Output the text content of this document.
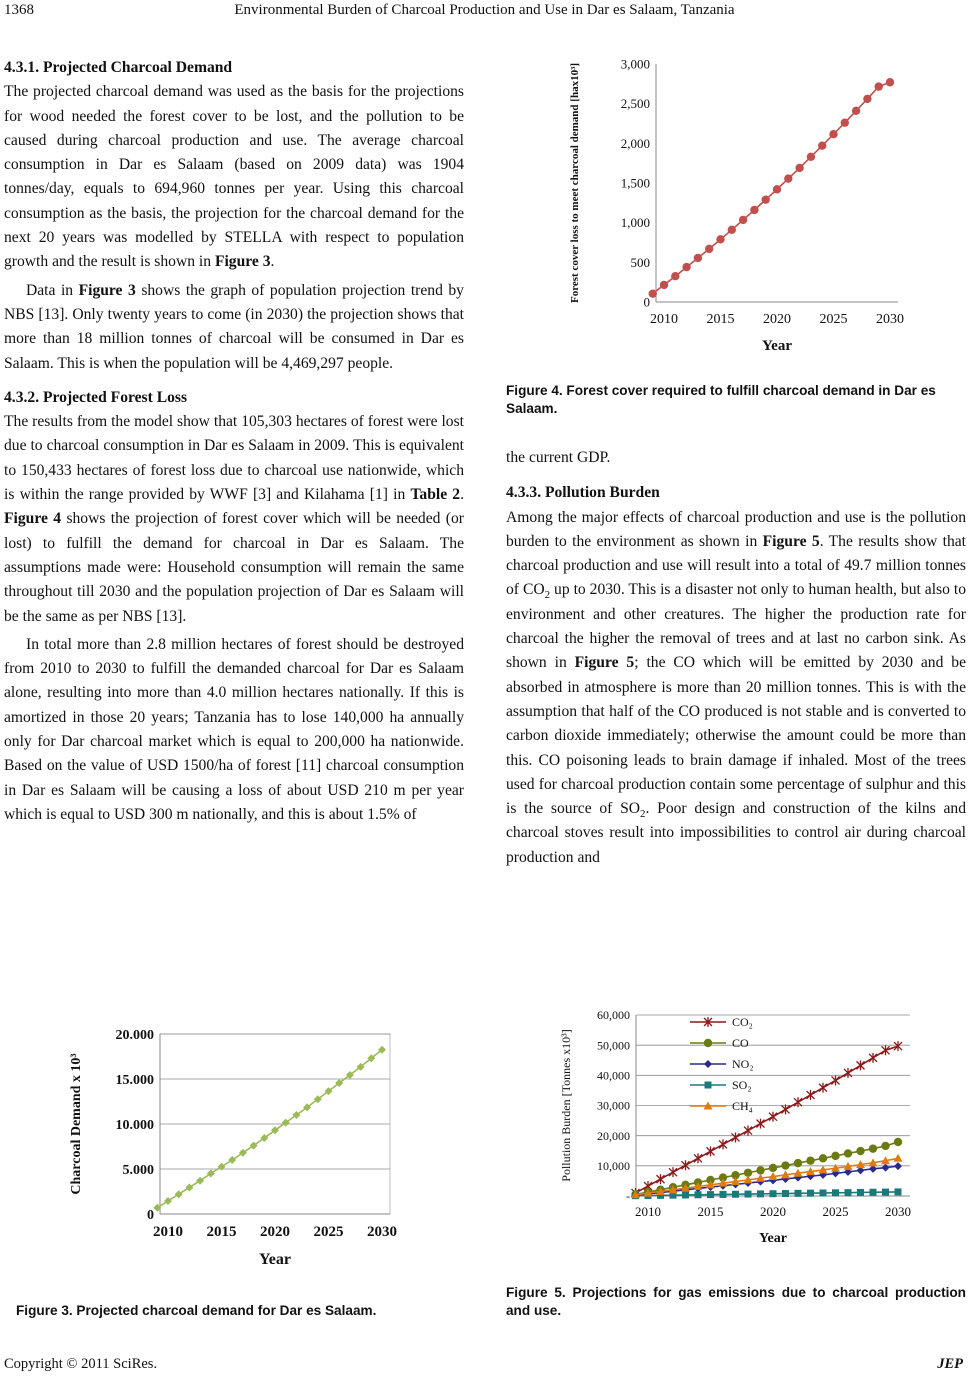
1368	Environmental Burden of Charcoal Production and Use in Dar es Salaam, Tanzania
4.3.1. Projected Charcoal Demand

The projected charcoal demand was used as the basis for the projections for wood needed the forest cover to be lost, and the pollution to be caused during charcoal production and use. The average charcoal consumption in Dar es Salaam (based on 2009 data) was 1904 tonnes/day, equals to 694,960 tonnes per year. Using this charcoal consumption as the basis, the projection for the charcoal demand for the next 20 years was modelled by STELLA with respect to population growth and the result is shown in Figure 3.

Data in Figure 3 shows the graph of population projection trend by NBS [13]. Only twenty years to come (in 2030) the projection shows that more than 18 million tonnes of charcoal will be consumed in Dar es Salaam. This is when the population will be 4,469,297 people.

4.3.2. Projected Forest Loss

The results from the model show that 105,303 hectares of forest were lost due to charcoal consumption in Dar es Salaam in 2009. This is equivalent to 150,433 hectares of forest loss due to charcoal use nationwide, which is within the range provided by WWF [3] and Kilahama [1] in Table 2. Figure 4 shows the projection of forest cover which will be needed (or lost) to fulfill the demand for charcoal in Dar es Salaam. The assumptions made were: Household consumption will remain the same throughout till 2030 and the population projection of Dar es Salaam will be the same as per NBS [13].

In total more than 2.8 million hectares of forest should be destroyed from 2010 to 2030 to fulfill the demanded charcoal for Dar es Salaam alone, resulting into more than 4.0 million hectares nationally. If this is amortized in those 20 years; Tanzania has to lose 140,000 ha annually only for Dar charcoal market which is equal to 200,000 ha nationwide. Based on the value of USD 1500/ha of forest [11] charcoal consumption in Dar es Salaam will be causing a loss of about USD 210 m per year which is equal to USD 300 m nationally, and this is about 1.5% of

0
5.000
10.000
15.000
20.000
2010 2015 2020 2025 2030
Year
Charcoal Demand x 10³
Figure 3. Projected charcoal demand for Dar es Salaam.
0
500
1,000
1,500
2,000
2,500
3,000
2010 2015 2020 2025 2030
Year
Forest cover loss to meet charcoal demand [hax10³]
Figure 4. Forest cover required to fulfill charcoal demand in Dar es Salaam.

the current GDP.

4.3.3. Pollution Burden

Among the major effects of charcoal production and use is the pollution burden to the environment as shown in Figure 5. The results show that charcoal production and use will result into a total of 49.7 million tonnes of $CO_2$ up to 2030. This is a disaster not only to human health, but also to environment and other creatures. The higher the production rate for charcoal the higher the removal of trees and at last no carbon sink. As shown in Figure 5; the CO which will be emitted by 2030 and be absorbed in atmosphere is more than 20 million tonnes. This is with the assumption that half of the CO produced is not stable and is converted to carbon dioxide immediately; otherwise the amount could be more than this. CO poisoning leads to brain damage if inhaled. Most of the trees used for charcoal production contain some percentage of sulphur and this is the source of $SO_2$. Poor design and construction of the kilns and charcoal stoves result into impossibilities to control air during charcoal production and

-
10,000
20,000
30,000
40,000
50,000
60,000
2010	2015	2020	2025	2030
Year
Pollution Burden [Tonnes x10³]
CO₂
CO
NO₂
SO₂
CH₄
Figure 5. Projections for gas emissions due to charcoal production and use.
Copyright © 2011 SciRes.	JEP
